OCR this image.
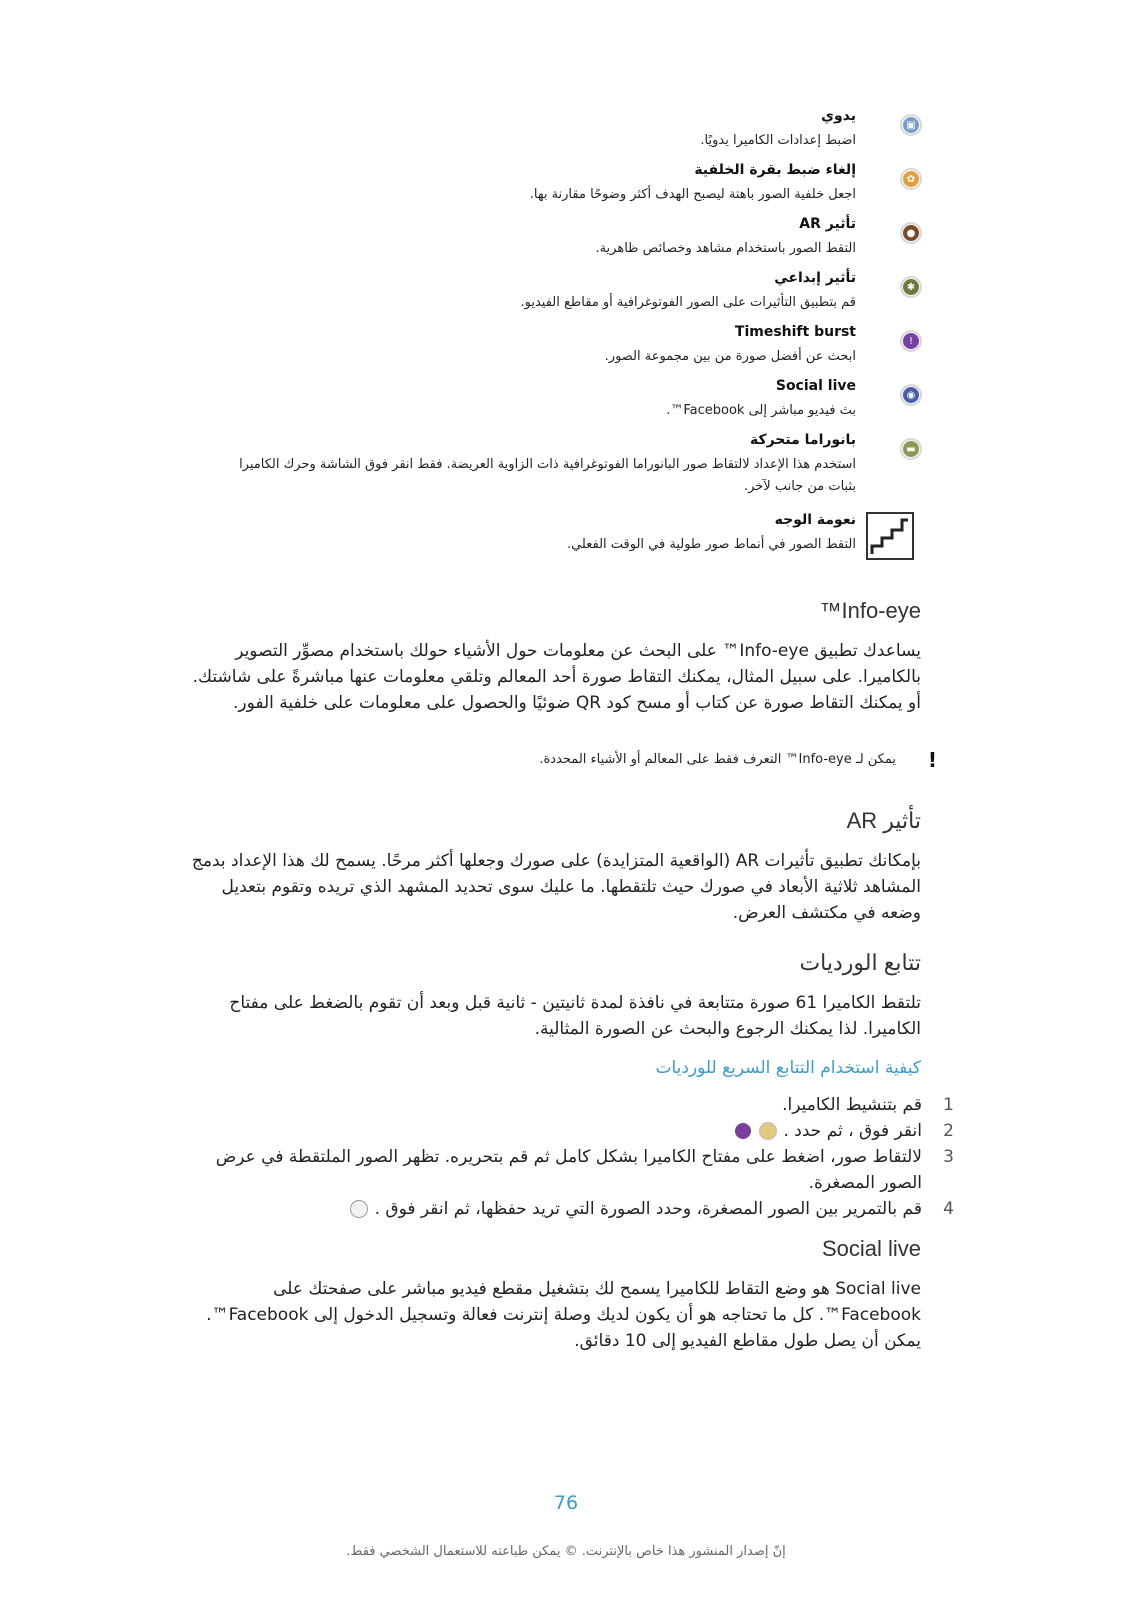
▣
يدوي
اضبط إعدادات الكاميرا يدويًا.
✿
إلغاء ضبط بقرة الخلفية
اجعل خلفية الصور باهتة ليصبح الهدف أكثر وضوحًا مقارنة بها.
●
تأثير AR
التقط الصور باستخدام مشاهد وخصائص ظاهرية.
✱
تأثير إبداعي
قم بتطبيق التأثيرات على الصور الفوتوغرافية أو مقاطع الفيديو.
!
Timeshift burst
ابحث عن أفضل صورة من بين مجموعة الصور.
◉
Social live
بث فيديو مباشر إلى Facebook™.
▬
بانوراما متحركة
استخدم هذا الإعداد لالتقاط صور البانوراما الفوتوغرافية ذات الزاوية العريضة. فقط انقر فوق الشاشة وحرك الكاميرا بثبات من جانب لآخر.
نعومة الوجه
التقط الصور في أنماط صور طولية في الوقت الفعلي.
Info-eye™
يساعدك تطبيق Info-eye™ على البحث عن معلومات حول الأشياء حولك باستخدام مصوِّر التصوير بالكاميرا. على سبيل المثال، يمكنك التقاط صورة أحد المعالم وتلقي معلومات عنها مباشرةً على شاشتك. أو يمكنك التقاط صورة عن كتاب أو مسح كود QR ضوئيًا والحصول على معلومات على خلفية الفور.
!
يمكن لـ Info-eye™ التعرف فقط على المعالم أو الأشياء المحددة.
تأثير AR
بإمكانك تطبيق تأثيرات AR (الواقعية المتزايدة) على صورك وجعلها أكثر مرحًا. يسمح لك هذا الإعداد بدمج المشاهد ثلاثية الأبعاد في صورك حيث تلتقطها. ما عليك سوى تحديد المشهد الذي تريده وتقوم بتعديل وضعه في مكتشف العرض.
تتابع الورديات
تلتقط الكاميرا 61 صورة متتابعة في نافذة لمدة ثانيتين - ثانية قبل وبعد أن تقوم بالضغط على مفتاح الكاميرا. لذا يمكنك الرجوع والبحث عن الصورة المثالية.
كيفية استخدام التتابع السريع للورديات
1
قم بتنشيط الكاميرا.
2
انقر فوق ، ثم حدد .
3
لالتقاط صور، اضغط على مفتاح الكاميرا بشكل كامل ثم قم بتحريره. تظهر الصور الملتقطة في عرض الصور المصغرة.
4
قم بالتمرير بين الصور المصغرة، وحدد الصورة التي تريد حفظها، ثم انقر فوق .
Social live
Social live هو وضع التقاط للكاميرا يسمح لك بتشغيل مقطع فيديو مباشر على صفحتك على Facebook™. كل ما تحتاجه هو أن يكون لديك وصلة إنترنت فعالة وتسجيل الدخول إلى Facebook™. يمكن أن يصل طول مقاطع الفيديو إلى 10 دقائق.
76
إنّ إصدار المنشور هذا خاص بالإنترنت. © يمكن طباعته للاستعمال الشخصي فقط.
